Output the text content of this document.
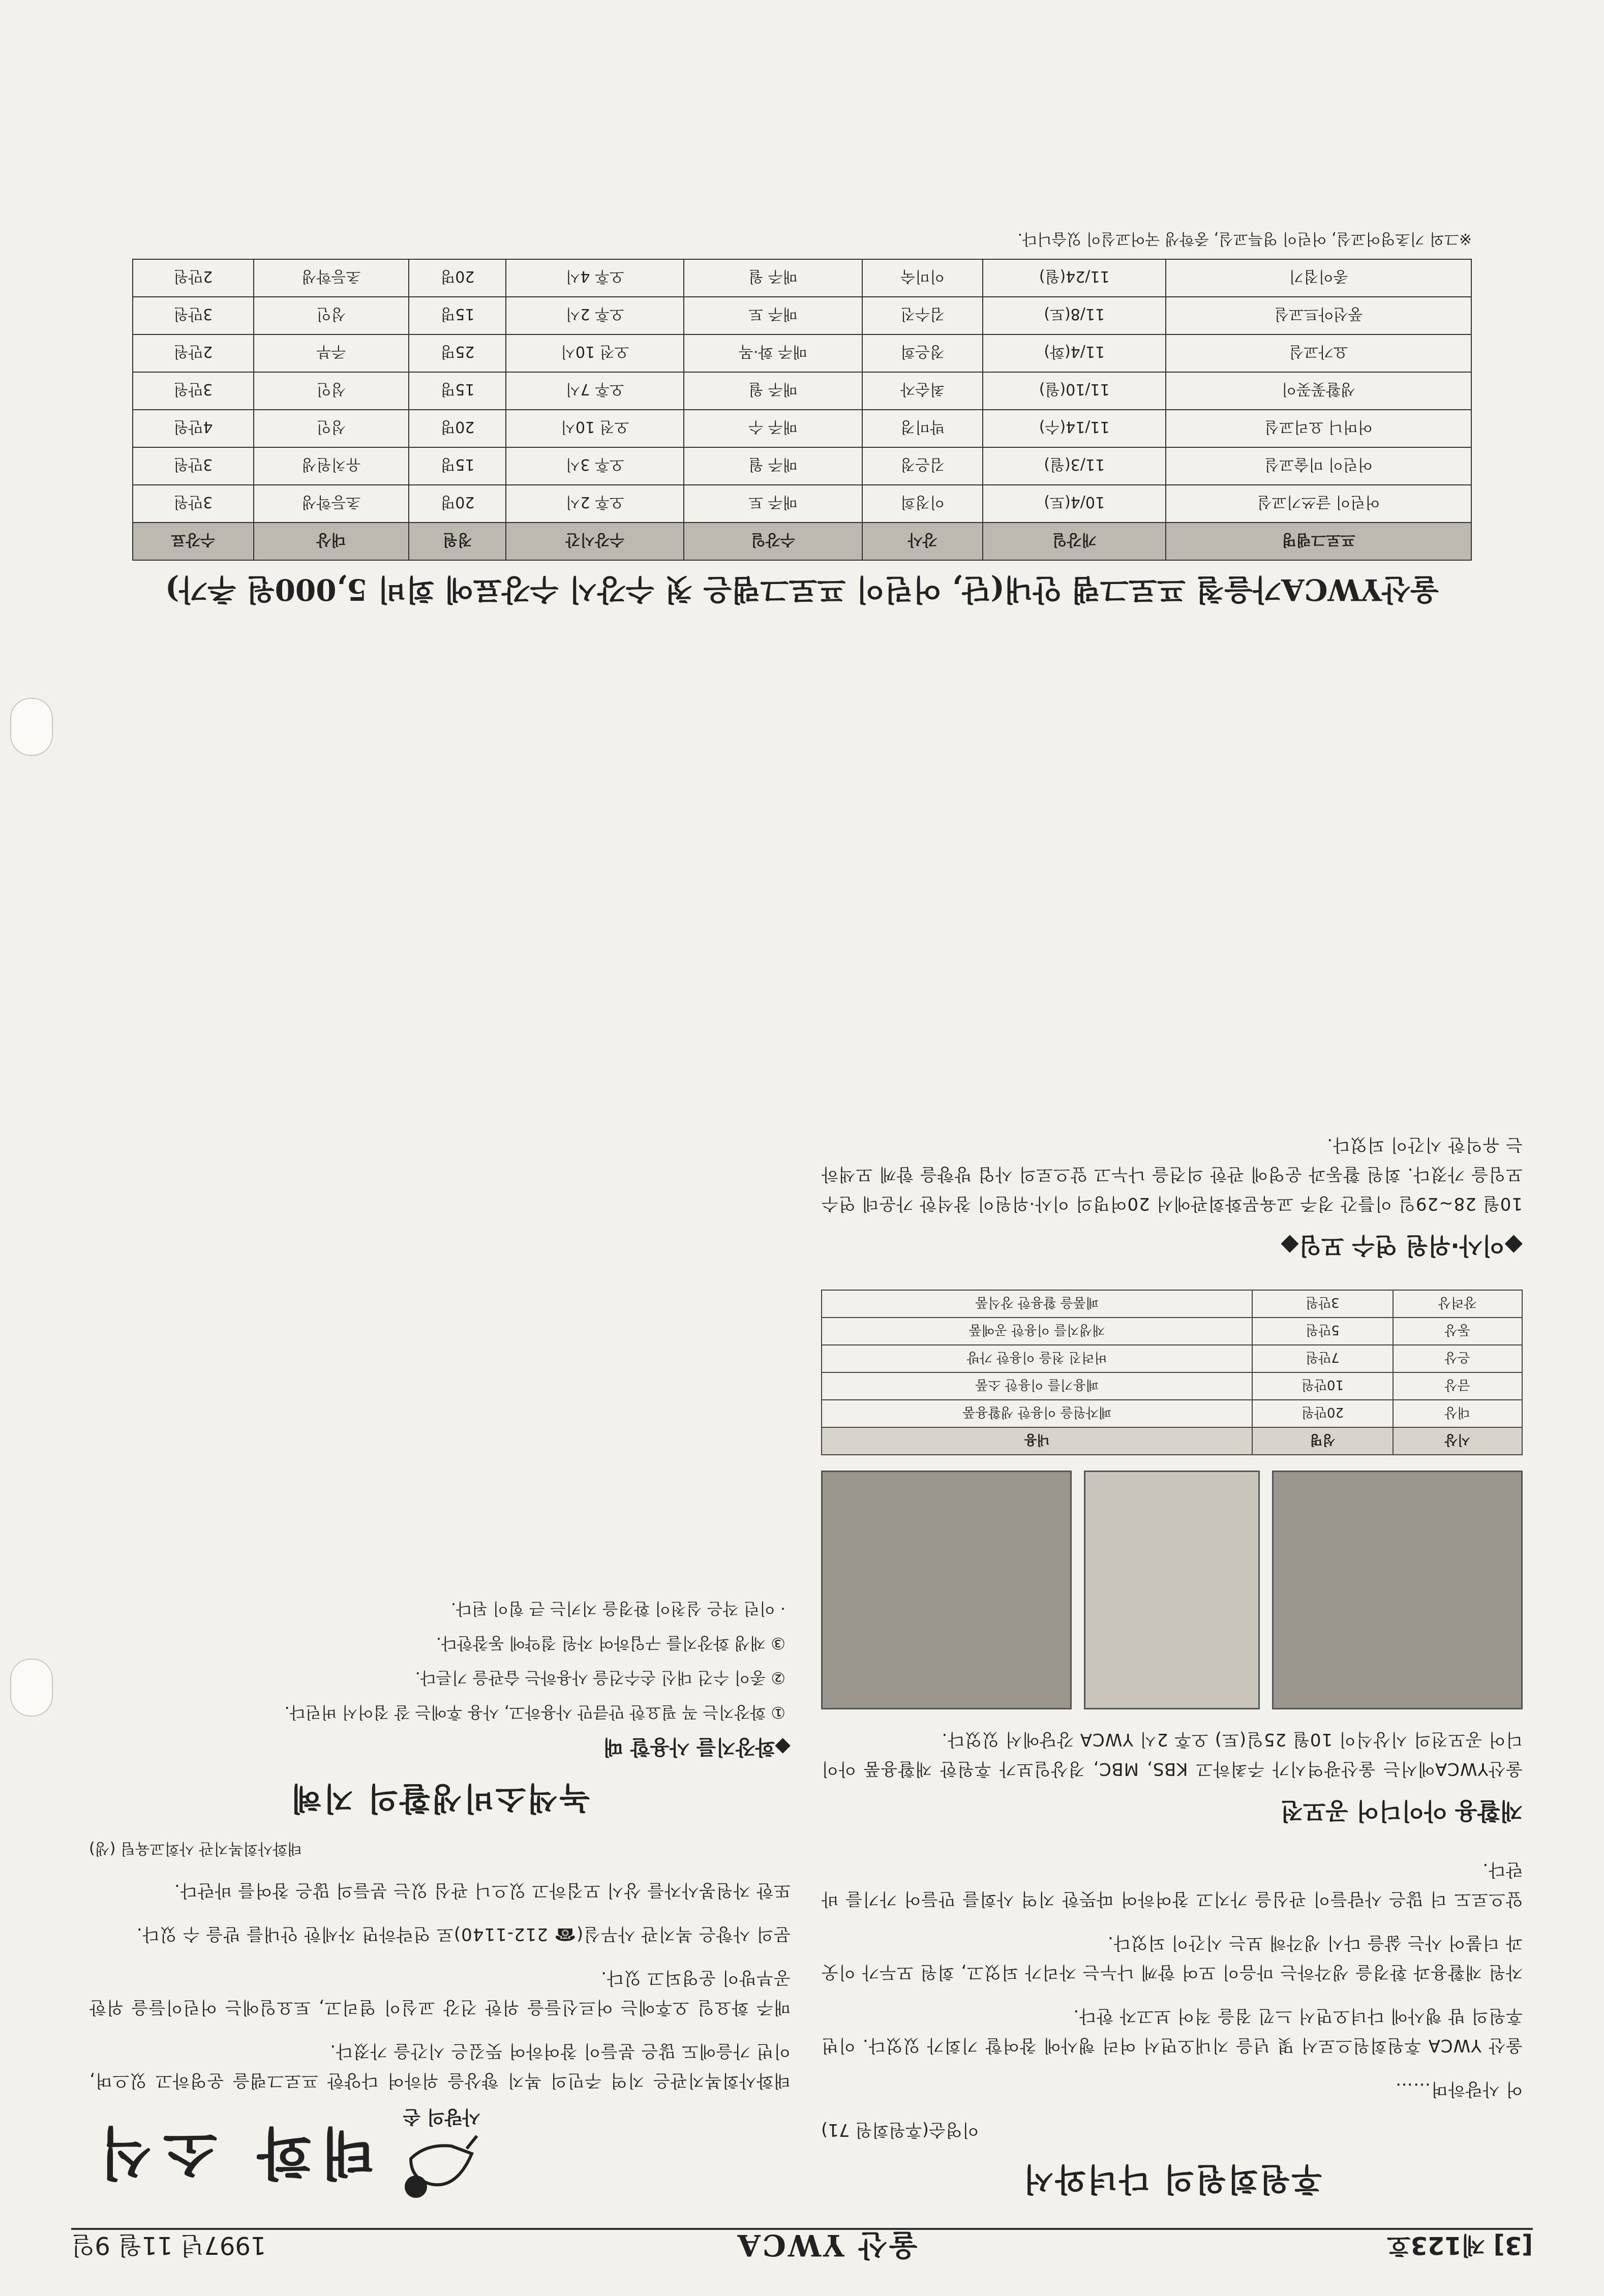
[3] 제123호
울산 YWCA
1997년 11월 9일
후원회원의 다녀와서
이영순(후원회원 71)

어 사랑하며……

울산 YWCA 후원회원으로서 몇 년을 지내오면서 여러 행사에 참여할 기회가 있었다. 이번 후원의 밤 행사에 다녀오면서 느낀 점을 적어 보고자 한다.

자원 재활용과 환경을 생각하는 마음이 모여 함께 나누는 자리가 되었고, 회원 모두가 이웃과 더불어 사는 삶을 다시 생각해 보는 시간이 되었다.

앞으로도 더 많은 사람들이 관심을 가지고 참여하여 따뜻한 지역 사회를 만들어 가기를 바란다.

재활용 아이디어 공모전

울산YWCA에서는 울산광역시가 주최하고 KBS, MBC, 경상일보가 후원한 재활용품 아이디어 공모전의 시상식이 10월 25일(토) 오후 2시 YWCA 강당에서 있었다.

시상	성명	내용
대상	20만원	폐자원을 이용한 생활용품
금상	10만원	폐용기를 이용한 소품
은상	7만원	버려진 천을 이용한 가방
동상	5만원	재생지를 이용한 공예품
장려상	3만원	폐품을 활용한 장식품
◆이사·위원 연수 모임◆

10월 28~29일 이틀간 경주 교육문화회관에서 20여명의 이사·위원이 참석한 가운데 연수 모임을 가졌다. 회원 활동과 운영에 관한 의견을 나누고 앞으로의 사업 방향을 함께 모색하는 유익한 시간이 되었다.

사랑의 손
태화 소식

태화사회복지관은 지역 주민의 복지 향상을 위하여 다양한 프로그램을 운영하고 있으며, 이번 가을에도 많은 분들이 참여하여 뜻깊은 시간을 가졌다.

매주 화요일 오후에는 어르신들을 위한 건강 교실이 열리고, 토요일에는 어린이들을 위한 공부방이 운영되고 있다.

문의 사항은 복지관 사무실(☎ 212-1140)로 연락하면 자세한 안내를 받을 수 있다.

또한 자원봉사자를 상시 모집하고 있으니 관심 있는 분들의 많은 참여를 바란다.

태화사회복지관 사회교육팀 (생)
녹색소비생활의 지혜
◆화장지를 사용할 때

① 화장지는 꼭 필요한 만큼만 사용하고, 사용 후에는 잘 접어서 버린다.

② 종이 수건 대신 손수건을 사용하는 습관을 기른다.

③ 재생 화장지를 구입하여 자원 절약에 동참한다.

· 이런 작은 실천이 환경을 지키는 큰 힘이 된다.

울산YWCA가을철 프로그램 안내(단, 어린이 프로그램은 첫 수강시 수강료에 회비 5,000원 추가)
프로그램명	개강일	강사	수강일	수강시간	정원	대상	수강료
어린이 글쓰기교실	10/4(토)	이정희	매주 토	오후 2시	20명	초등학생	3만원
어린이 미술교실	11/3(월)	김은정	매주 월	오후 3시	15명	유치원생	3만원
어머니 요리교실	11/14(수)	박미경	매주 수	오전 10시	20명	성인	4만원
생활꽃꽂이	11/10(월)	최순자	매주 월	오후 7시	15명	성인	3만원
요가교실	11/4(화)	정은희	매주 화·목	오전 10시	25명	주부	2만원
풍선아트교실	11/8(토)	김수진	매주 토	오후 2시	15명	성인	3만원
종이접기	11/24(월)	이미숙	매주 월	오후 4시	20명	초등학생	2만원
※그외 기초영어교실, 어린이 영특교실, 중학생 국어교실이 있습니다.
